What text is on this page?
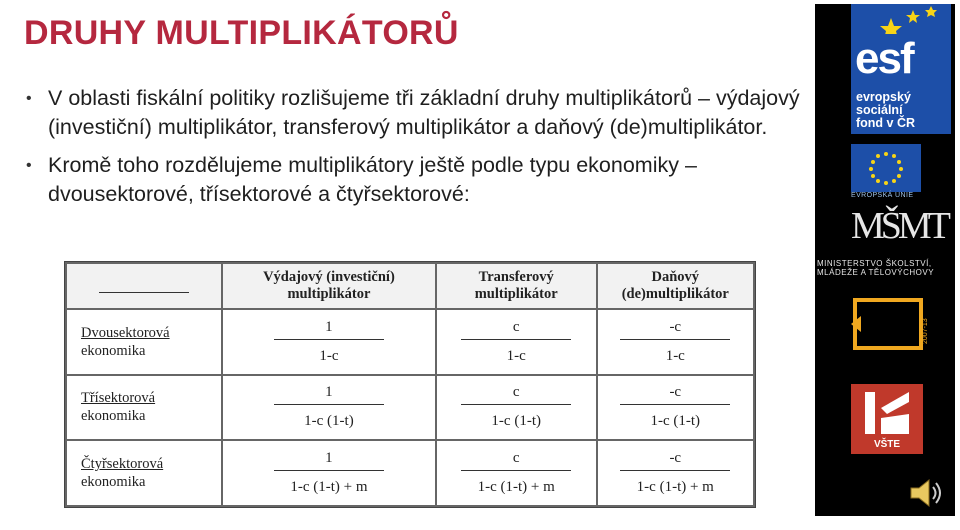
DRUHY MULTIPLIKÁTORŮ
• V oblasti fiskální politiky rozlišujeme tři základní druhy multiplikátorů – výdajový (investiční) multiplikátor, transferový multiplikátor a daňový (de)multiplikátor.
• Kromě toho rozdělujeme multiplikátory ještě podle typu ekonomiky – dvousektorové, třísektorové a čtyřsektorové:
	Výdajový (investiční) multiplikátor	Transferový multiplikátor	Daňový (de)multiplikátor

Dvousektorová
ekonomika	$\frac{1}{1-c}$	$\frac{c}{1-c}$	$\frac{-c}{1-c}$

Třísektorová
ekonomika	$\frac{1}{1-c (1-t)}$	$\frac{c}{1-c (1-t)}$	$\frac{-c}{1-c (1-t)}$

Čtyřsektorová
ekonomika	$\frac{1}{1-c (1-t) + m}$	$\frac{c}{1-c (1-t) + m}$	$\frac{-c}{1-c (1-t) + m}$
esf
evropský
sociální
fond v ČR
EVROPSKÁ UNIE
MŠMT
MINISTERSTVO ŠKOLSTVÍ,
MLÁDEŽE A TĚLOVÝCHOVY
2007-13
VŠTE
